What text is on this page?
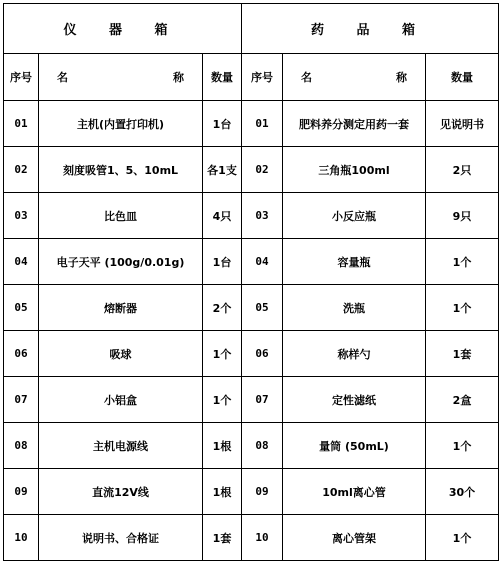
仪 器 箱			药 品 箱		
序号	名 称	数量	序号	名 称	数量
01	主机(内置打印机)	1台	01	肥料养分测定用药一套	见说明书
02	刻度吸管1、5、10mL	各1支	02	三角瓶100ml	2只
03	比色皿	4只	03	小反应瓶	9只
04	电子天平 (100g/0.01g)	1台	04	容量瓶	1个
05	熔断器	2个	05	洗瓶	1个
06	吸球	1个	06	称样勺	1套
07	小铝盒	1个	07	定性滤纸	2盒
08	主机电源线	1根	08	量筒 (50mL)	1个
09	直流12V线	1根	09	10ml离心管	30个
10	说明书、合格证	1套	10	离心管架	1个
